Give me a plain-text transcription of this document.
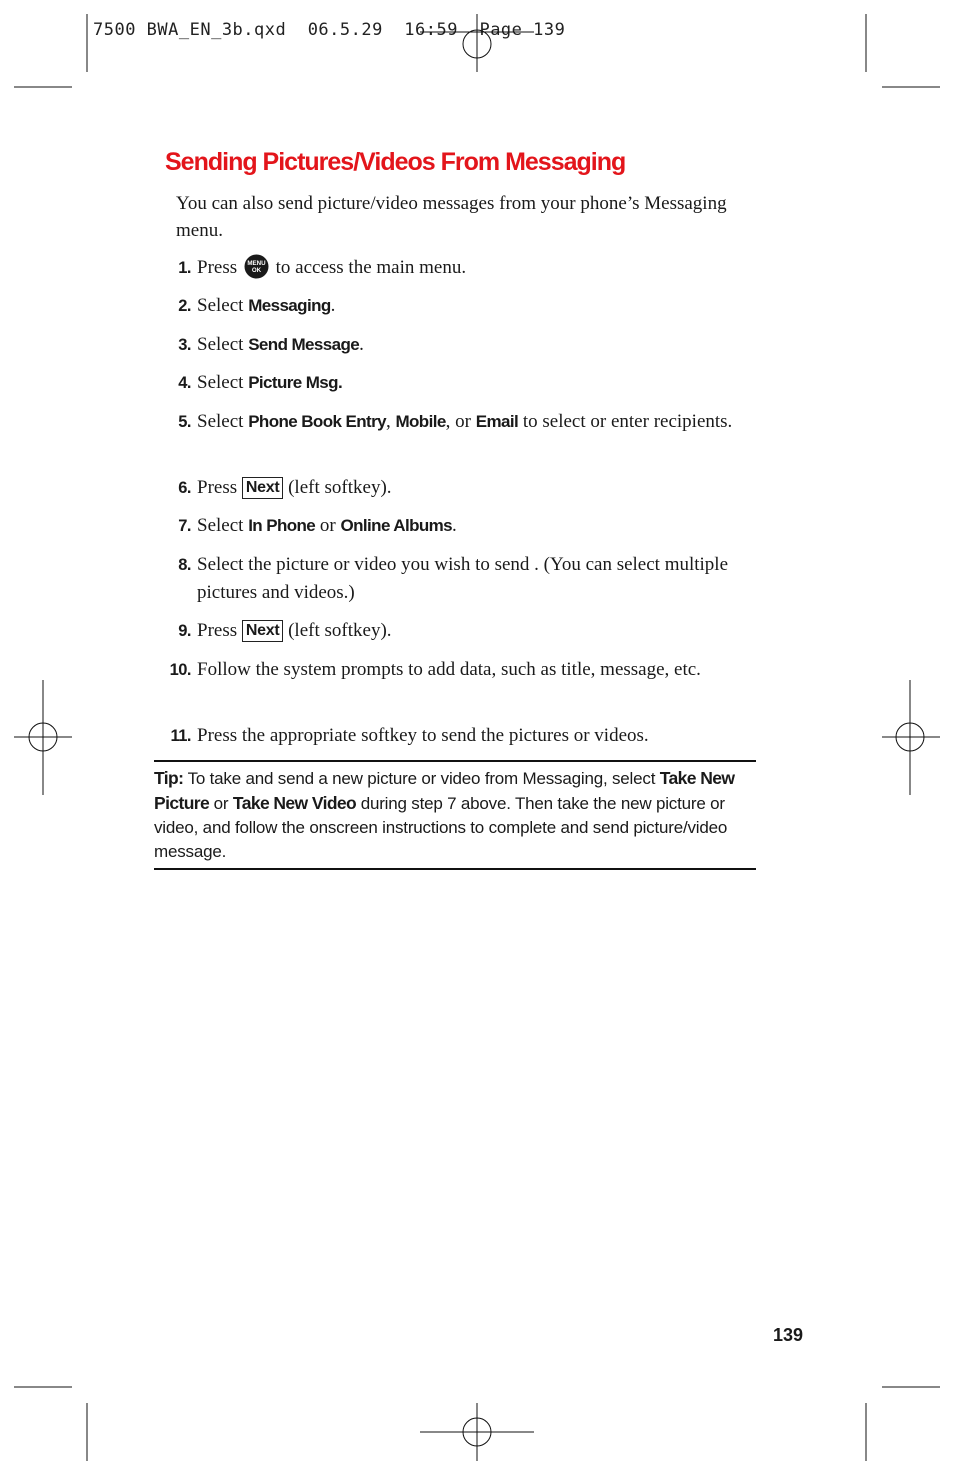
7500 BWA_EN_3b.qxd  06.5.29  16:59  Page 139
Sending Pictures/Videos From Messaging

You can also send picture/video messages from your phone’s Messaging menu.

1. Press MENU
OK to access the main menu.
2. Select Messaging.
3. Select Send Message.
4. Select Picture Msg.
5. Select Phone Book Entry, Mobile, or Email to select or enter recipients.
6. Press Next (left softkey).
7. Select In Phone or Online Albums.
8. Select the picture or video you wish to send . (You can select multiple pictures and videos.)
9. Press Next (left softkey).
10. Follow the system prompts to add data, such as title, message, etc.
11. Press the appropriate softkey to send the pictures or videos.

Tip: To take and send a new picture or video from Messaging, select Take New Picture or Take New Video during step 7 above. Then take the new picture or video, and follow the onscreen instructions to complete and send picture/video message.

139
